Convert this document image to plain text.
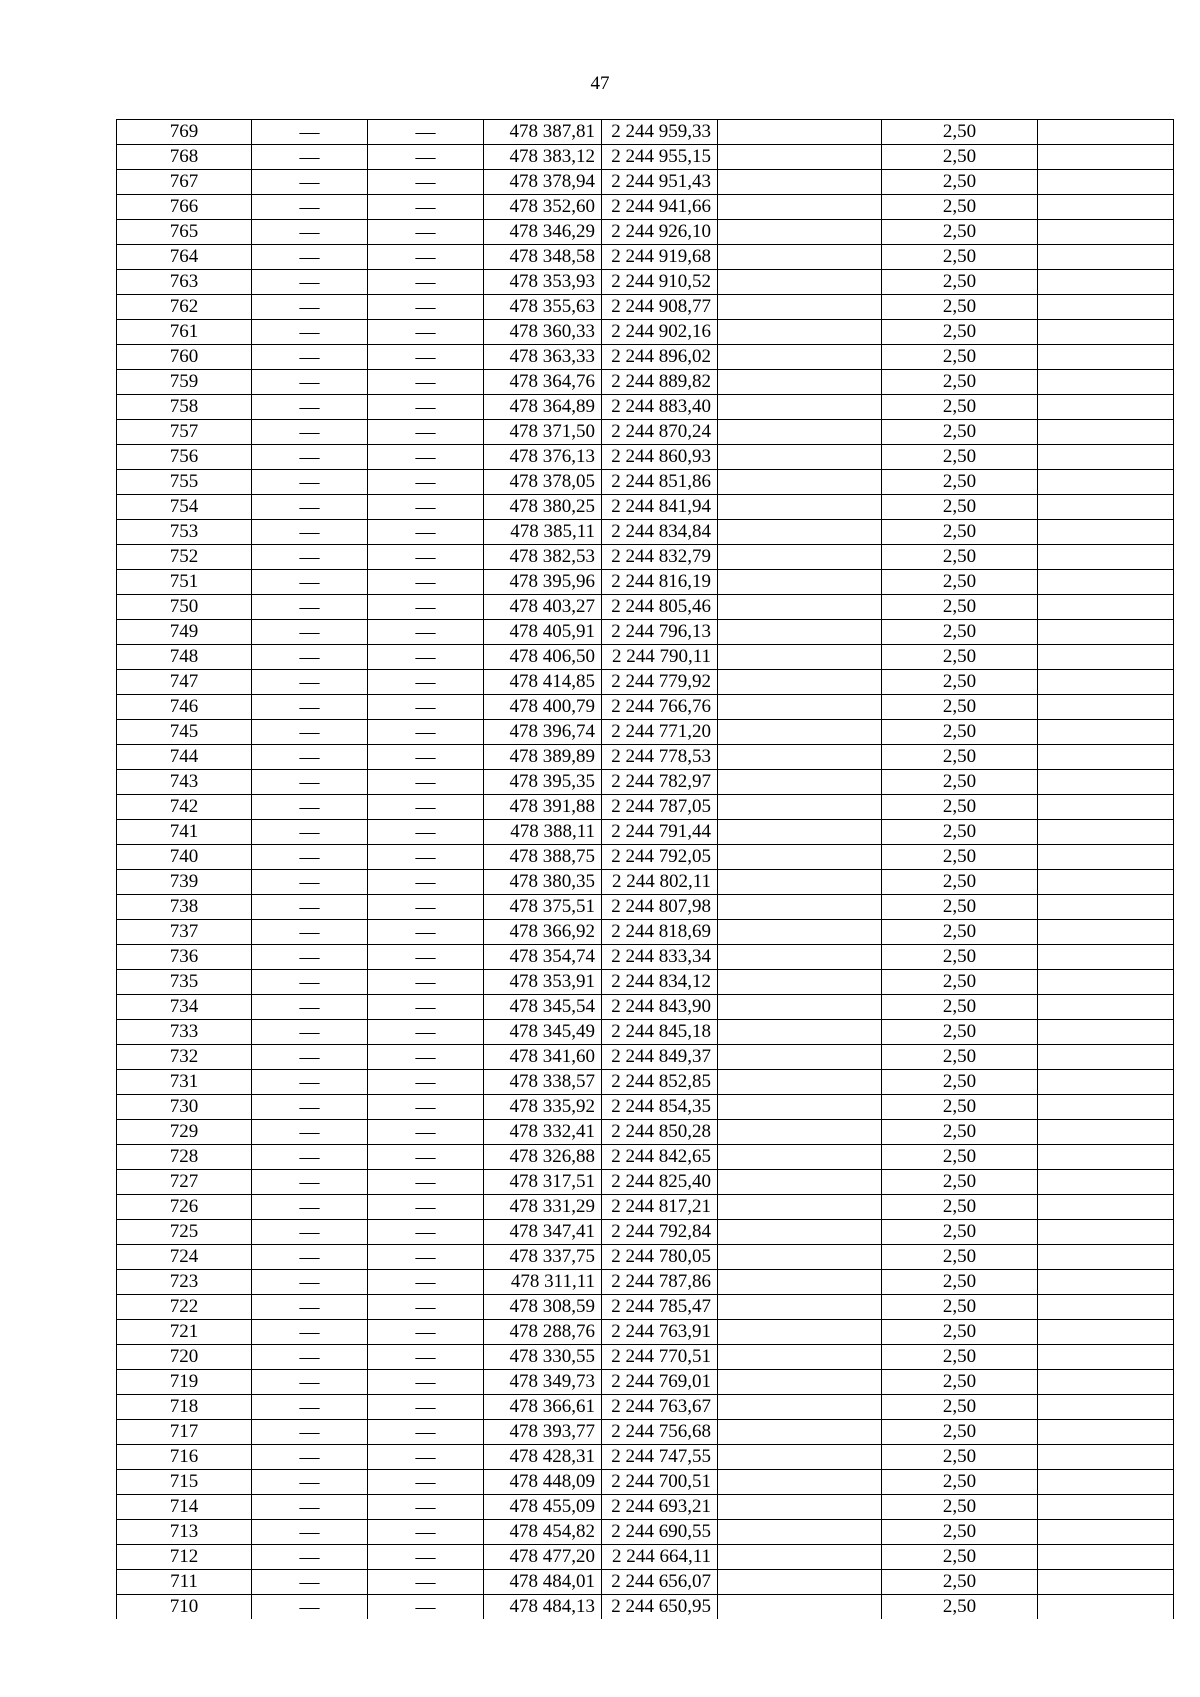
47
769	—	—	478 387,81	2 244 959,33		2,50	
768	—	—	478 383,12	2 244 955,15		2,50	
767	—	—	478 378,94	2 244 951,43		2,50	
766	—	—	478 352,60	2 244 941,66		2,50	
765	—	—	478 346,29	2 244 926,10		2,50	
764	—	—	478 348,58	2 244 919,68		2,50	
763	—	—	478 353,93	2 244 910,52		2,50	
762	—	—	478 355,63	2 244 908,77		2,50	
761	—	—	478 360,33	2 244 902,16		2,50	
760	—	—	478 363,33	2 244 896,02		2,50	
759	—	—	478 364,76	2 244 889,82		2,50	
758	—	—	478 364,89	2 244 883,40		2,50	
757	—	—	478 371,50	2 244 870,24		2,50	
756	—	—	478 376,13	2 244 860,93		2,50	
755	—	—	478 378,05	2 244 851,86		2,50	
754	—	—	478 380,25	2 244 841,94		2,50	
753	—	—	478 385,11	2 244 834,84		2,50	
752	—	—	478 382,53	2 244 832,79		2,50	
751	—	—	478 395,96	2 244 816,19		2,50	
750	—	—	478 403,27	2 244 805,46		2,50	
749	—	—	478 405,91	2 244 796,13		2,50	
748	—	—	478 406,50	2 244 790,11		2,50	
747	—	—	478 414,85	2 244 779,92		2,50	
746	—	—	478 400,79	2 244 766,76		2,50	
745	—	—	478 396,74	2 244 771,20		2,50	
744	—	—	478 389,89	2 244 778,53		2,50	
743	—	—	478 395,35	2 244 782,97		2,50	
742	—	—	478 391,88	2 244 787,05		2,50	
741	—	—	478 388,11	2 244 791,44		2,50	
740	—	—	478 388,75	2 244 792,05		2,50	
739	—	—	478 380,35	2 244 802,11		2,50	
738	—	—	478 375,51	2 244 807,98		2,50	
737	—	—	478 366,92	2 244 818,69		2,50	
736	—	—	478 354,74	2 244 833,34		2,50	
735	—	—	478 353,91	2 244 834,12		2,50	
734	—	—	478 345,54	2 244 843,90		2,50	
733	—	—	478 345,49	2 244 845,18		2,50	
732	—	—	478 341,60	2 244 849,37		2,50	
731	—	—	478 338,57	2 244 852,85		2,50	
730	—	—	478 335,92	2 244 854,35		2,50	
729	—	—	478 332,41	2 244 850,28		2,50	
728	—	—	478 326,88	2 244 842,65		2,50	
727	—	—	478 317,51	2 244 825,40		2,50	
726	—	—	478 331,29	2 244 817,21		2,50	
725	—	—	478 347,41	2 244 792,84		2,50	
724	—	—	478 337,75	2 244 780,05		2,50	
723	—	—	478 311,11	2 244 787,86		2,50	
722	—	—	478 308,59	2 244 785,47		2,50	
721	—	—	478 288,76	2 244 763,91		2,50	
720	—	—	478 330,55	2 244 770,51		2,50	
719	—	—	478 349,73	2 244 769,01		2,50	
718	—	—	478 366,61	2 244 763,67		2,50	
717	—	—	478 393,77	2 244 756,68		2,50	
716	—	—	478 428,31	2 244 747,55		2,50	
715	—	—	478 448,09	2 244 700,51		2,50	
714	—	—	478 455,09	2 244 693,21		2,50	
713	—	—	478 454,82	2 244 690,55		2,50	
712	—	—	478 477,20	2 244 664,11		2,50	
711	—	—	478 484,01	2 244 656,07		2,50	
710	—	—	478 484,13	2 244 650,95		2,50	
